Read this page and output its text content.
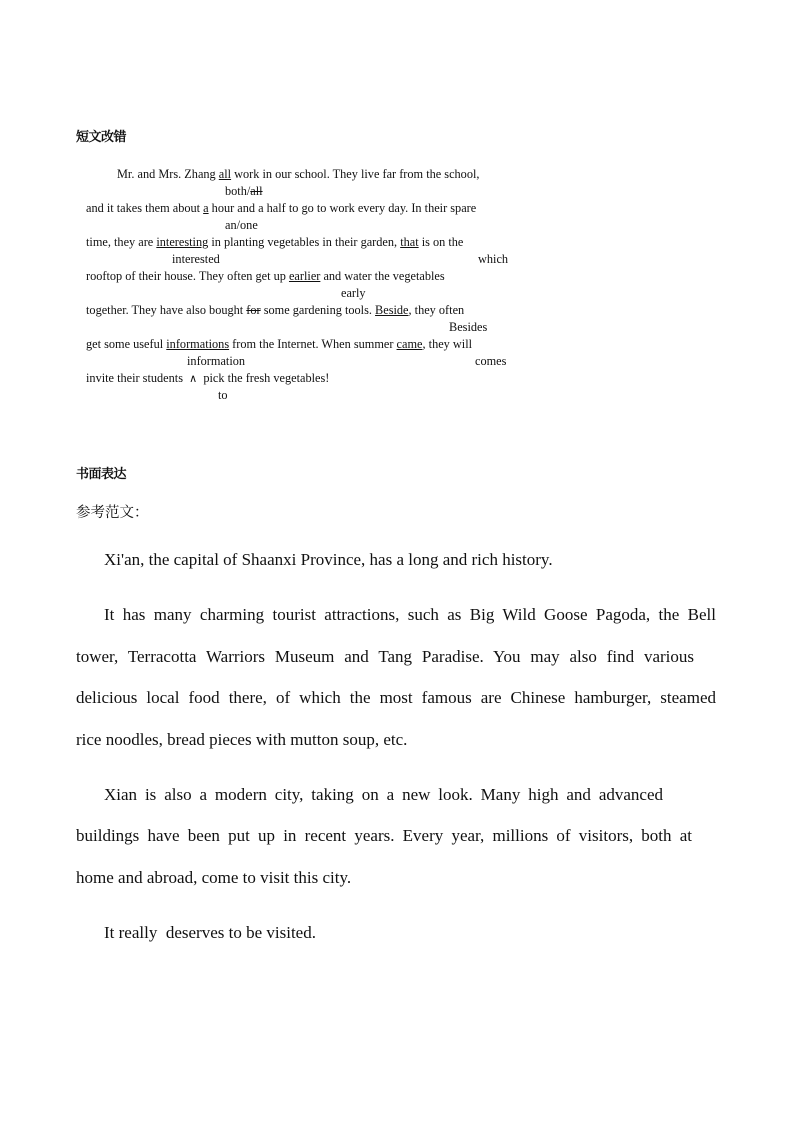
短文改错
Mr. and Mrs. Zhang all work in our school. They live far from the school,
both/all
and it takes them about a hour and a half to go to work every day. In their spare
an/one
time, they are interesting in planting vegetables in their garden, that is on the
interested	which
rooftop of their house. They often get up earlier and water the vegetables
early
together. They have also bought for some gardening tools. Beside, they often
Besides
get some useful informations from the Internet. When summer came, they will
information	comes
invite their students  ∧  pick the fresh vegetables!
to
书面表达
参考范文：
Xi'an, the capital of Shaanxi Province, has a long and rich history.
It has many charming tourist attractions, such as Big Wild Goose Pagoda, the Bell
tower, Terracotta Warriors Museum and Tang Paradise. You may also find various
delicious local food there, of which the most famous are Chinese hamburger, steamed
rice noodles, bread pieces with mutton soup, etc.
Xian is also a modern city, taking on a new look. Many high and advanced
buildings have been put up in recent years. Every year, millions of visitors, both at
home and abroad, come to visit this city.
It really  deserves to be visited.
